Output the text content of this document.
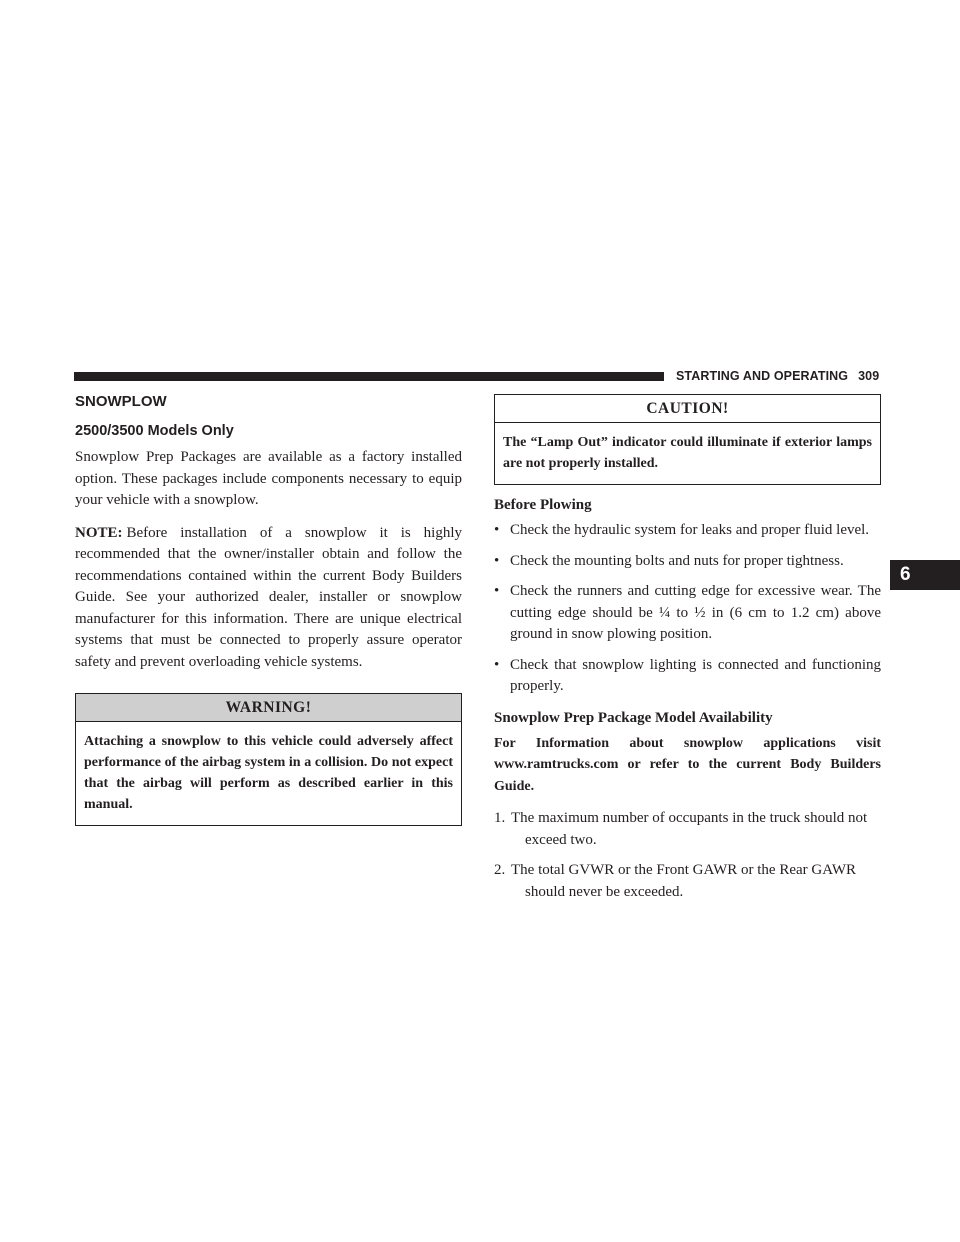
STARTING AND OPERATING 309
6
SNOWPLOW
2500/3500 Models Only

Snowplow Prep Packages are available as a factory installed option. These packages include components necessary to equip your vehicle with a snowplow.

NOTE: Before installation of a snowplow it is highly recommended that the owner/installer obtain and follow the recommendations contained within the current Body Builders Guide. See your authorized dealer, installer or snowplow manufacturer for this information. There are unique electrical systems that must be connected to properly assure operator safety and prevent overloading vehicle systems.

WARNING!
Attaching a snowplow to this vehicle could adversely affect performance of the airbag system in a collision. Do not expect that the airbag will perform as described earlier in this manual.
CAUTION!
The “Lamp Out” indicator could illuminate if exterior lamps are not properly installed.
Before Plowing
• Check the hydraulic system for leaks and proper fluid level.
• Check the mounting bolts and nuts for proper tightness.
• Check the runners and cutting edge for excessive wear. The cutting edge should be ¼ to ½ in (6 cm to 1.2 cm) above ground in snow plowing position.
• Check that snowplow lighting is connected and functioning properly.
Snowplow Prep Package Model Availability

For Information about snowplow applications visit www.ramtrucks.com or refer to the current Body Builders Guide.

1. The maximum number of occupants in the truck should not exceed two.
2. The total GVWR or the Front GAWR or the Rear GAWR should never be exceeded.
